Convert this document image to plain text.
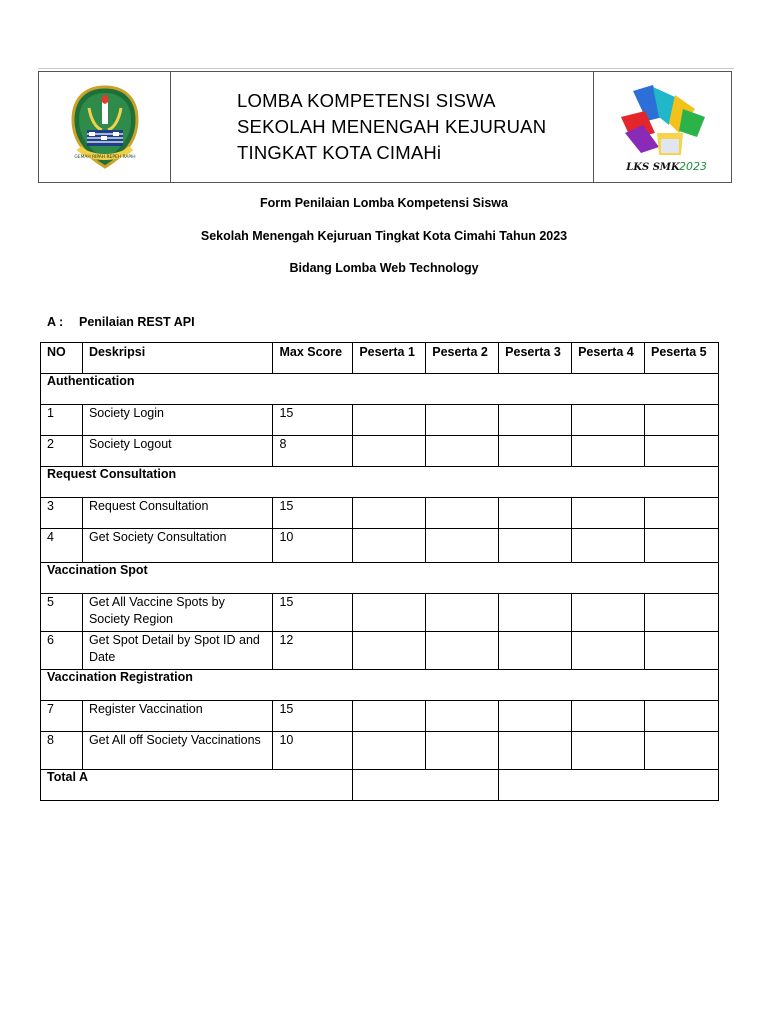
GEMAH RIPAH REPEH RAPIH
LOMBA KOMPETENSI SISWA
SEKOLAH MENENGAH KEJURUAN
TINGKAT KOTA CIMAHi
LKS SMK 2023
Form Penilaian Lomba Kompetensi Siswa
Sekolah Menengah Kejuruan Tingkat Kota Cimahi Tahun 2023
Bidang Lomba Web Technology
A : Penilaian REST API
NO	Deskripsi	Max Score	Peserta 1	Peserta 2	Peserta 3	Peserta 4	Peserta 5
Authentication							
1	Society Login	15					
2	Society Logout	8					
Request Consultation							
3	Request Consultation	15					
4	Get Society Consultation	10					
Vaccination Spot							
5	Get All Vaccine Spots by Society Region	15					
6	Get Spot Detail by Spot ID and Date	12					
Vaccination Registration							
7	Register Vaccination	15					
8	Get All off Society Vaccinations	10					
Total A							
